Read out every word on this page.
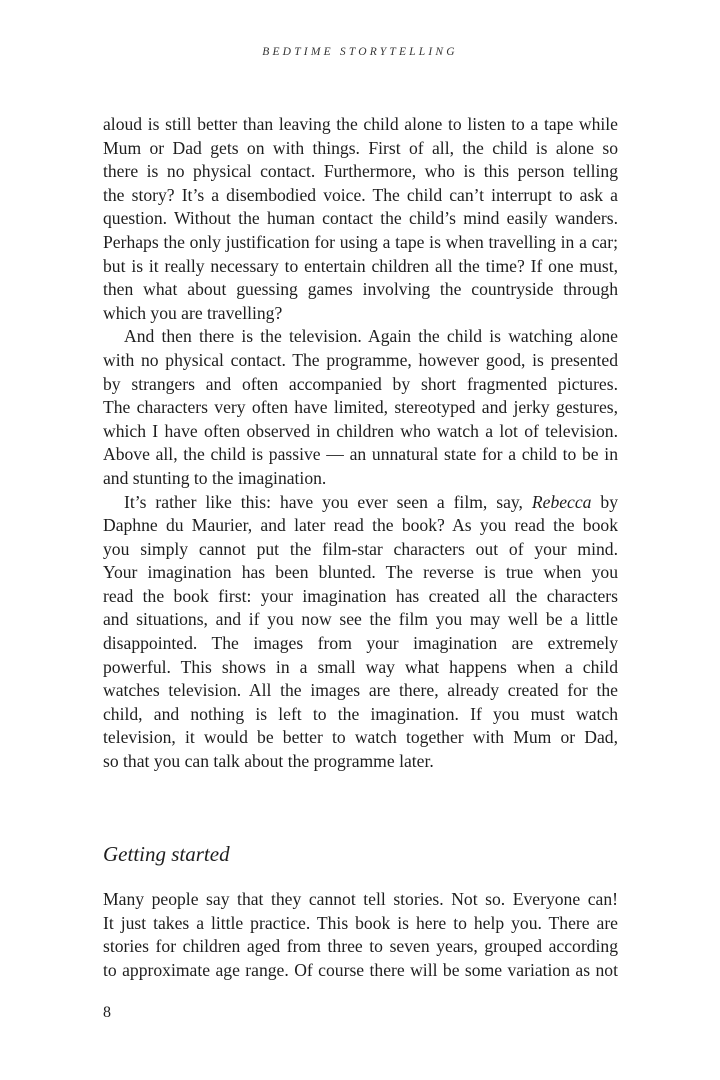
BEDTIME STORYTELLING
aloud is still better than leaving the child alone to listen to a tape while
Mum or Dad gets on with things. First of all, the child is alone so
there is no physical contact. Furthermore, who is this person telling
the story? It’s a disembodied voice. The child can’t interrupt to ask a
question. Without the human contact the child’s mind easily wanders.
Perhaps the only justification for using a tape is when travelling in a car;
but is it really necessary to entertain children all the time? If one must,
then what about guessing games involving the countryside through
which you are travelling?
And then there is the television. Again the child is watching alone
with no physical contact. The programme, however good, is presented
by strangers and often accompanied by short fragmented pictures.
The characters very often have limited, stereotyped and jerky gestures,
which I have often observed in children who watch a lot of television.
Above all, the child is passive — an unnatural state for a child to be in
and stunting to the imagination.
It’s rather like this: have you ever seen a film, say, Rebecca by
Daphne du Maurier, and later read the book? As you read the book
you simply cannot put the film-star characters out of your mind.
Your imagination has been blunted. The reverse is true when you
read the book first: your imagination has created all the characters
and situations, and if you now see the film you may well be a little
disappointed. The images from your imagination are extremely
powerful. This shows in a small way what happens when a child
watches television. All the images are there, already created for the
child, and nothing is left to the imagination. If you must watch
television, it would be better to watch together with Mum or Dad,
so that you can talk about the programme later.
Getting started
Many people say that they cannot tell stories. Not so. Everyone can!
It just takes a little practice. This book is here to help you. There are
stories for children aged from three to seven years, grouped according
to approximate age range. Of course there will be some variation as not
8
